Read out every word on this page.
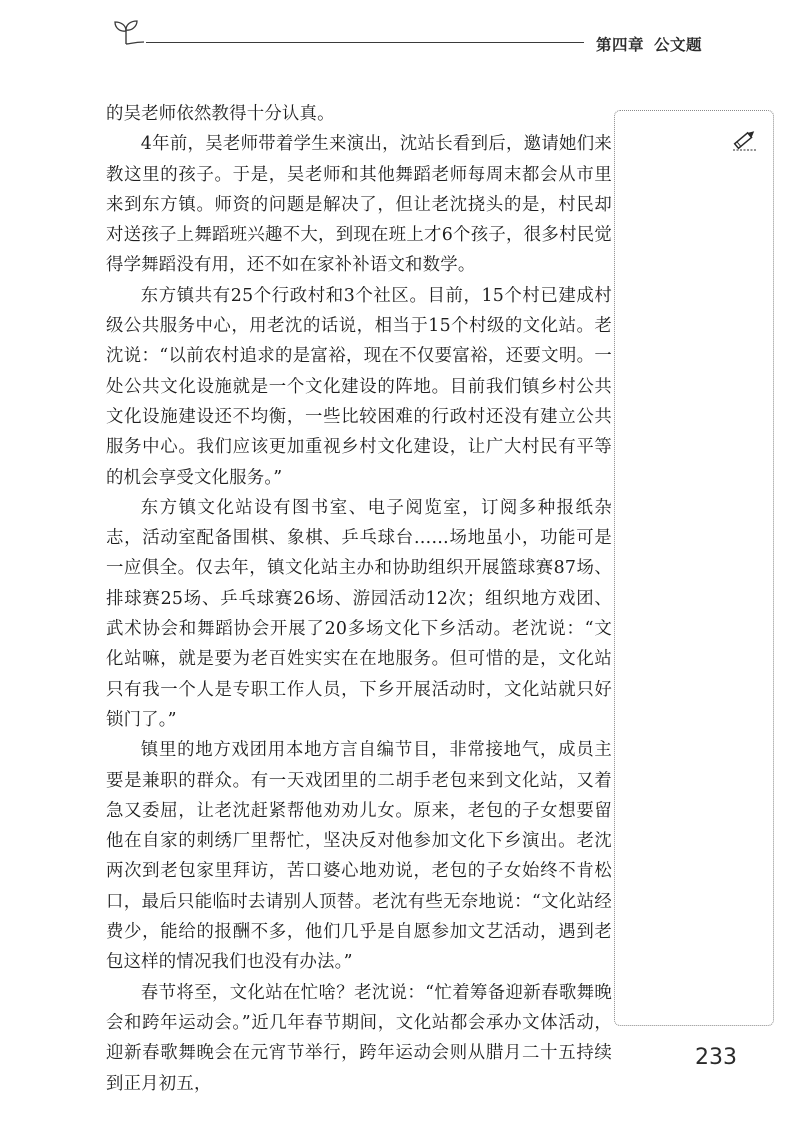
第四章 公文题

的吴老师依然教得十分认真。

4年前，吴老师带着学生来演出，沈站长看到后，邀请她们来教这里的孩子。于是，吴老师和其他舞蹈老师每周末都会从市里来到东方镇。师资的问题是解决了，但让老沈挠头的是，村民却对送孩子上舞蹈班兴趣不大，到现在班上才6个孩子，很多村民觉得学舞蹈没有用，还不如在家补补语文和数学。

东方镇共有25个行政村和3个社区。目前，15个村已建成村级公共服务中心，用老沈的话说，相当于15个村级的文化站。老沈说：“以前农村追求的是富裕，现在不仅要富裕，还要文明。一处公共文化设施就是一个文化建设的阵地。目前我们镇乡村公共文化设施建设还不均衡，一些比较困难的行政村还没有建立公共服务中心。我们应该更加重视乡村文化建设，让广大村民有平等的机会享受文化服务。”

东方镇文化站设有图书室、电子阅览室，订阅多种报纸杂志，活动室配备围棋、象棋、乒乓球台……场地虽小，功能可是一应俱全。仅去年，镇文化站主办和协助组织开展篮球赛87场、排球赛25场、乒乓球赛26场、游园活动12次；组织地方戏团、武术协会和舞蹈协会开展了20多场文化下乡活动。老沈说：“文化站嘛，就是要为老百姓实实在在地服务。但可惜的是，文化站只有我一个人是专职工作人员，下乡开展活动时，文化站就只好锁门了。”

镇里的地方戏团用本地方言自编节目，非常接地气，成员主要是兼职的群众。有一天戏团里的二胡手老包来到文化站，又着急又委屈，让老沈赶紧帮他劝劝儿女。原来，老包的子女想要留他在自家的刺绣厂里帮忙，坚决反对他参加文化下乡演出。老沈两次到老包家里拜访，苦口婆心地劝说，老包的子女始终不肯松口，最后只能临时去请别人顶替。老沈有些无奈地说：“文化站经费少，能给的报酬不多，他们几乎是自愿参加文艺活动，遇到老包这样的情况我们也没有办法。”

春节将至，文化站在忙啥？老沈说：“忙着筹备迎新春歌舞晚会和跨年运动会。”近几年春节期间，文化站都会承办文体活动，迎新春歌舞晚会在元宵节举行，跨年运动会则从腊月二十五持续到正月初五，

233
